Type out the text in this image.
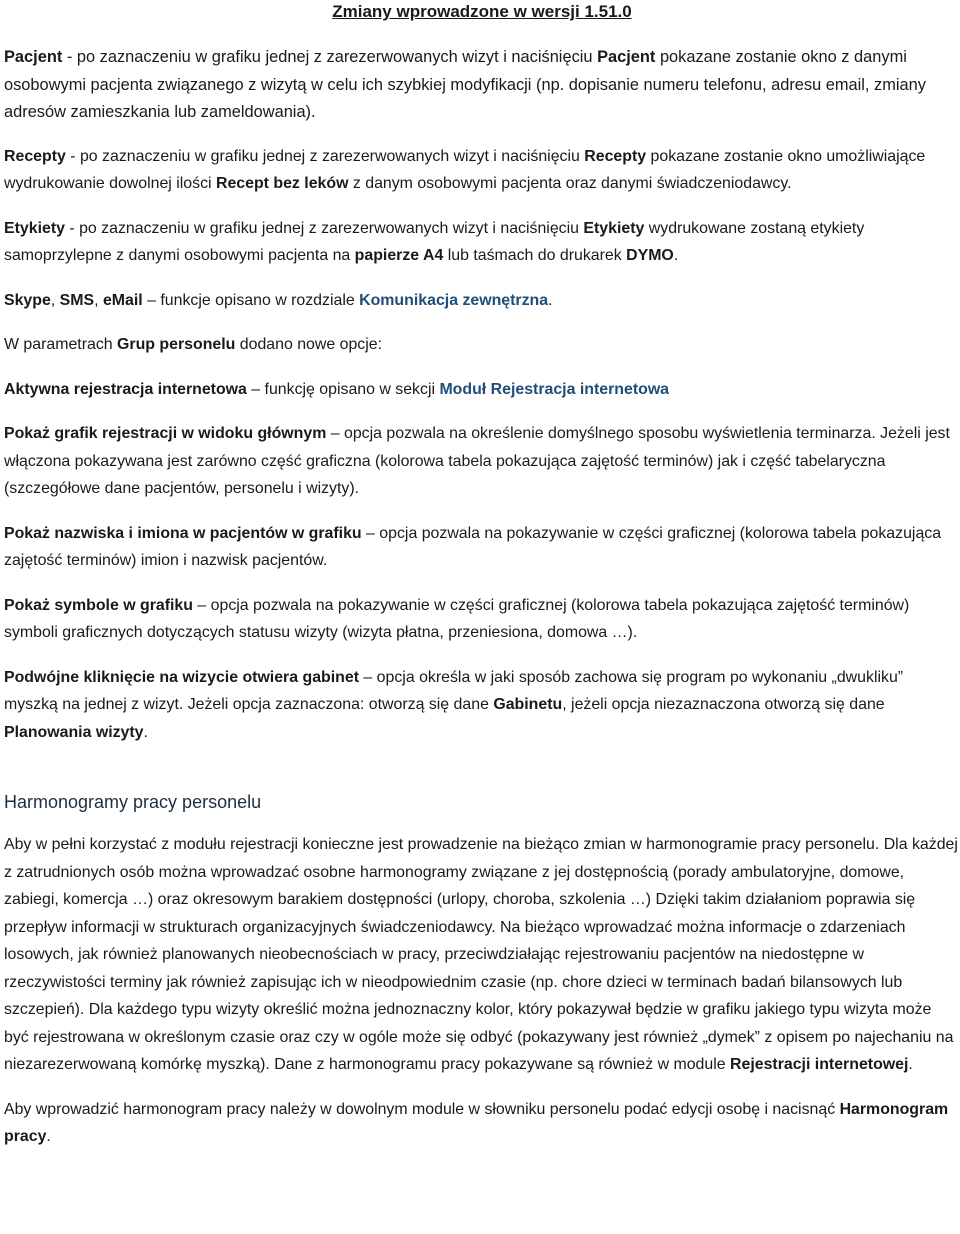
Zmiany wprowadzone w wersji 1.51.0

Pacjent - po zaznaczeniu w grafiku jednej z zarezerwowanych wizyt i naciśnięciu Pacjent pokazane zostanie okno z danymi osobowymi pacjenta związanego z wizytą w celu ich szybkiej modyfikacji (np. dopisanie numeru telefonu, adresu email, zmiany adresów zamieszkania lub zameldowania).

Recepty - po zaznaczeniu w grafiku jednej z zarezerwowanych wizyt i naciśnięciu Recepty pokazane zostanie okno umożliwiające wydrukowanie dowolnej ilości Recept bez leków z danym osobowymi pacjenta oraz danymi świadczeniodawcy.

Etykiety - po zaznaczeniu w grafiku jednej z zarezerwowanych wizyt i naciśnięciu Etykiety wydrukowane zostaną etykiety samoprzylepne z danymi osobowymi pacjenta na papierze A4 lub taśmach do drukarek DYMO.

Skype, SMS, eMail – funkcje opisano w rozdziale Komunikacja zewnętrzna.

W parametrach Grup personelu dodano nowe opcje:

Aktywna rejestracja internetowa – funkcję opisano w sekcji Moduł Rejestracja internetowa

Pokaż grafik rejestracji w widoku głównym – opcja pozwala na określenie domyślnego sposobu wyświetlenia terminarza. Jeżeli jest włączona pokazywana jest zarówno część graficzna (kolorowa tabela pokazująca zajętość terminów) jak i część tabelaryczna (szczegółowe dane pacjentów, personelu i wizyty).

Pokaż nazwiska i imiona w pacjentów w grafiku – opcja pozwala na pokazywanie w części graficznej (kolorowa tabela pokazująca zajętość terminów) imion i nazwisk pacjentów.

Pokaż symbole w grafiku – opcja pozwala na pokazywanie w części graficznej (kolorowa tabela pokazująca zajętość terminów) symboli graficznych dotyczących statusu wizyty (wizyta płatna, przeniesiona, domowa …).

Podwójne kliknięcie na wizycie otwiera gabinet – opcja określa w jaki sposób zachowa się program po wykonaniu „dwukliku” myszką na jednej z wizyt. Jeżeli opcja zaznaczona: otworzą się dane Gabinetu, jeżeli opcja niezaznaczona otworzą się dane Planowania wizyty.

Harmonogramy pracy personelu

Aby w pełni korzystać z modułu rejestracji konieczne jest prowadzenie na bieżąco zmian w harmonogramie pracy personelu. Dla każdej z zatrudnionych osób można wprowadzać osobne harmonogramy związane z jej dostępnością (porady ambulatoryjne, domowe, zabiegi, komercja …) oraz okresowym barakiem dostępności (urlopy, choroba, szkolenia …) Dzięki takim działaniom poprawia się przepływ informacji w strukturach organizacyjnych świadczeniodawcy. Na bieżąco wprowadzać można informacje o zdarzeniach losowych, jak również planowanych nieobecnościach w pracy, przeciwdziałając rejestrowaniu pacjentów na niedostępne w rzeczywistości terminy jak również zapisując ich w nieodpowiednim czasie (np. chore dzieci w terminach badań bilansowych lub szczepień). Dla każdego typu wizyty określić można jednoznaczny kolor, który pokazywał będzie w grafiku jakiego typu wizyta może być rejestrowana w określonym czasie oraz czy w ogóle może się odbyć (pokazywany jest również „dymek” z opisem po najechaniu na niezarezerwowaną komórkę myszką). Dane z harmonogramu pracy pokazywane są również w module Rejestracji internetowej.

Aby wprowadzić harmonogram pracy należy w dowolnym module w słowniku personelu podać edycji osobę i nacisnąć Harmonogram pracy.
